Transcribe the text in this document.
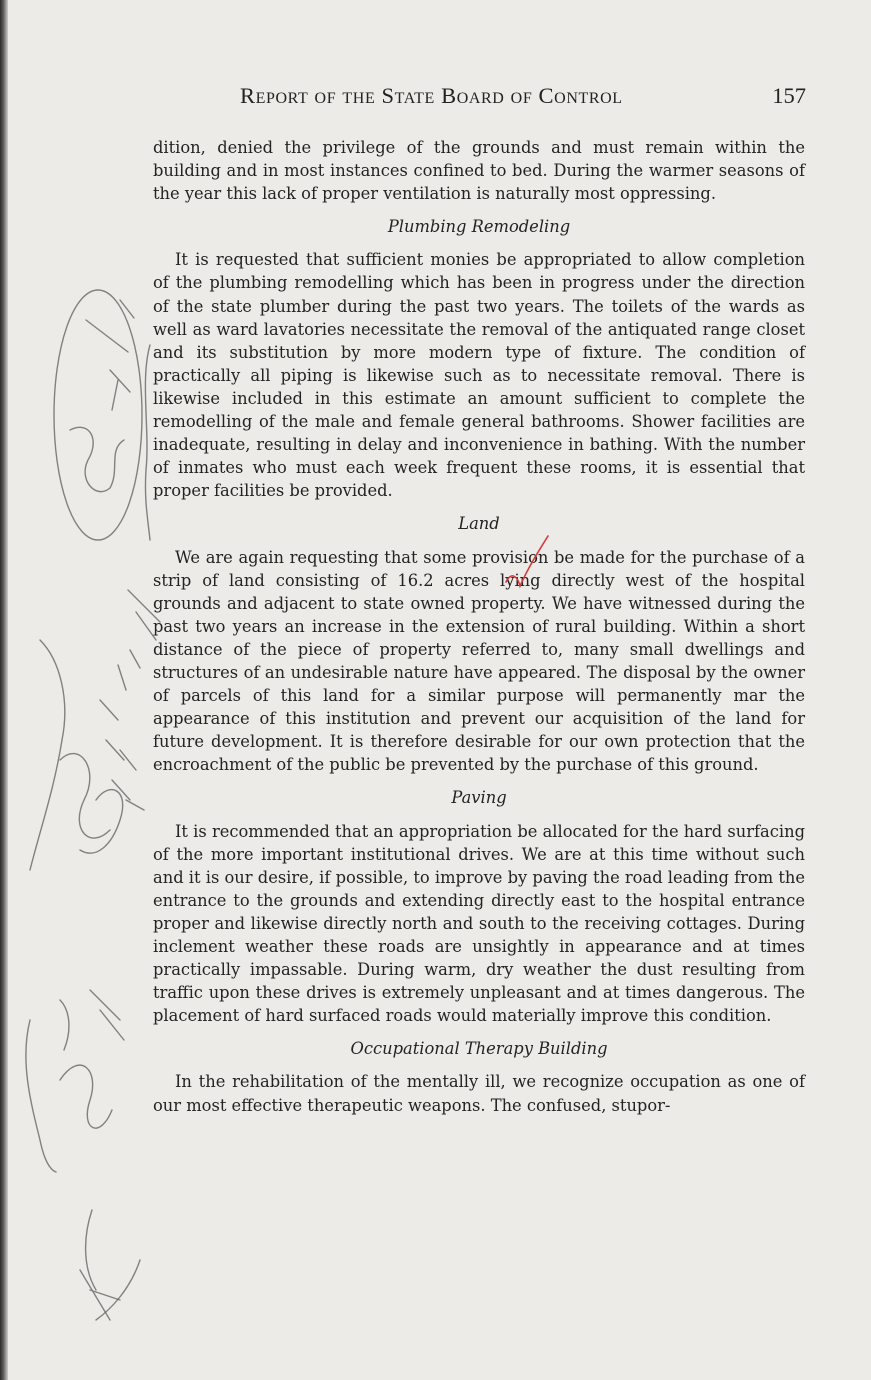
Report of the State Board of Control	157

dition, denied the privilege of the grounds and must remain within the building and in most instances confined to bed. During the warmer seasons of the year this lack of proper ventilation is naturally most oppressing.

Plumbing Remodeling

It is requested that sufficient monies be appropriated to allow completion of the plumbing remodelling which has been in progress under the direction of the state plumber during the past two years. The toilets of the wards as well as ward lavatories necessitate the removal of the antiquated range closet and its substitution by more modern type of fixture. The condition of practically all piping is likewise such as to necessitate removal. There is likewise included in this estimate an amount sufficient to complete the remodelling of the male and female general bathrooms. Shower facilities are inadequate, resulting in delay and inconvenience in bathing. With the number of inmates who must each week frequent these rooms, it is essential that proper facilities be provided.

Land

We are again requesting that some provision be made for the purchase of a strip of land consisting of 16.2 acres lying directly west of the hospital grounds and adjacent to state owned property. We have witnessed during the past two years an increase in the extension of rural building. Within a short distance of the piece of property referred to, many small dwellings and structures of an undesirable nature have appeared. The disposal by the owner of parcels of this land for a similar purpose will permanently mar the appearance of this institution and prevent our acquisition of the land for future development. It is therefore desirable for our own protection that the encroachment of the public be prevented by the purchase of this ground.

Paving

It is recommended that an appropriation be allocated for the hard surfacing of the more important institutional drives. We are at this time without such and it is our desire, if possible, to improve by paving the road leading from the entrance to the grounds and extending directly east to the hospital entrance proper and likewise directly north and south to the receiving cottages. During inclement weather these roads are unsightly in appearance and at times practically impassable. During warm, dry weather the dust resulting from traffic upon these drives is extremely unpleasant and at times dangerous. The placement of hard surfaced roads would materially improve this condition.

Occupational Therapy Building

In the rehabilitation of the mentally ill, we recognize occupation as one of our most effective therapeutic weapons. The confused, stupor-
